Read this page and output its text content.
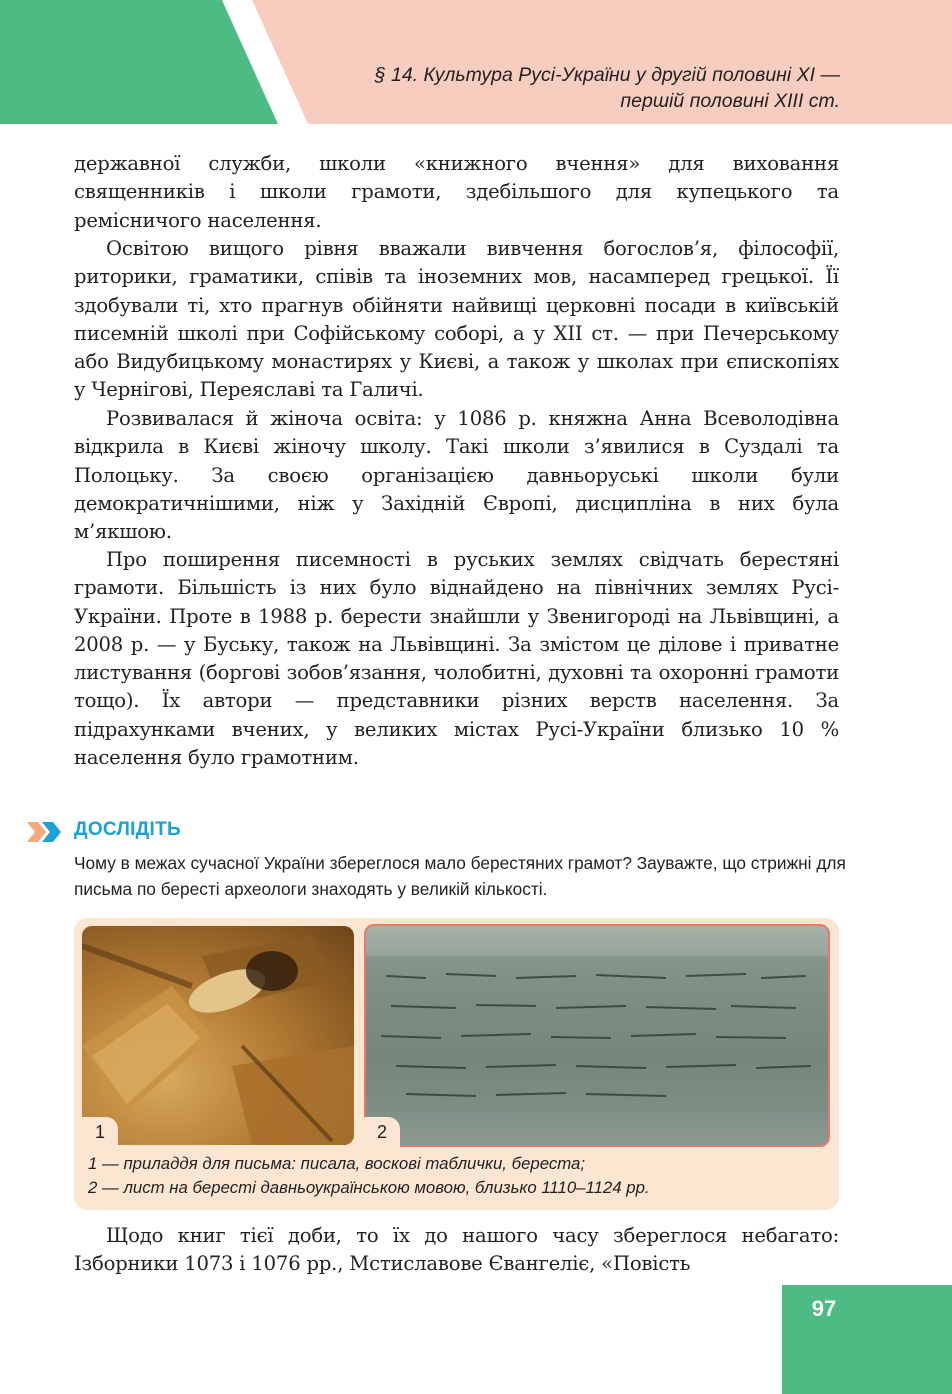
§ 14. Культура Русі-України у другій половині XI —
першій половині XIII ст.

державної служби, школи «книжного вчення» для виховання священників і школи грамоти, здебільшого для купецького та ремісничого населення.

Освітою вищого рівня вважали вивчення богослов’я, філософії, риторики, граматики, співів та іноземних мов, насамперед грецької. Її здобували ті, хто прагнув обійняти найвищі церковні посади в київській писемній школі при Софійському соборі, а у XII ст. — при Печерському або Видубицькому монастирях у Києві, а також у школах при єпископіях у Чернігові, Переяславі та Галичі.

Розвивалася й жіноча освіта: у 1086 р. княжна Анна Всеволодівна відкрила в Києві жіночу школу. Такі школи з’явилися в Суздалі та Полоцьку. За своєю організацією давньоруські школи були демократичнішими, ніж у Західній Європі, дисципліна в них була м’якшою.

Про поширення писемності в руських землях свідчать берестяні грамоти. Більшість із них було віднайдено на північних землях Русі-України. Проте в 1988 р. берести знайшли у Звенигороді на Львівщині, а 2008 р. — у Буську, також на Львівщині. За змістом це ділове і приватне листування (боргові зобов’язання, чолобитні, духовні та охоронні грамоти тощо). Їх автори — представники різних верств населення. За підрахунками вчених, у великих містах Русі-України близько 10 % населення було грамотним.

ДОСЛІДІТЬ

Чому в межах сучасної України збереглося мало берестяних грамот? Зауважте, що стрижні для письма по бересті археологи знаходять у великій кількості.

1	2
1 — приладдя для письма: писала, воскові таблички, береста;
2 — лист на бересті давньоукраїнською мовою, близько 1110–1124 рр.

Щодо книг тієї доби, то їх до нашого часу збереглося небагато: Ізборники 1073 і 1076 рр., Мстиславове Євангеліє, «Повість

97
